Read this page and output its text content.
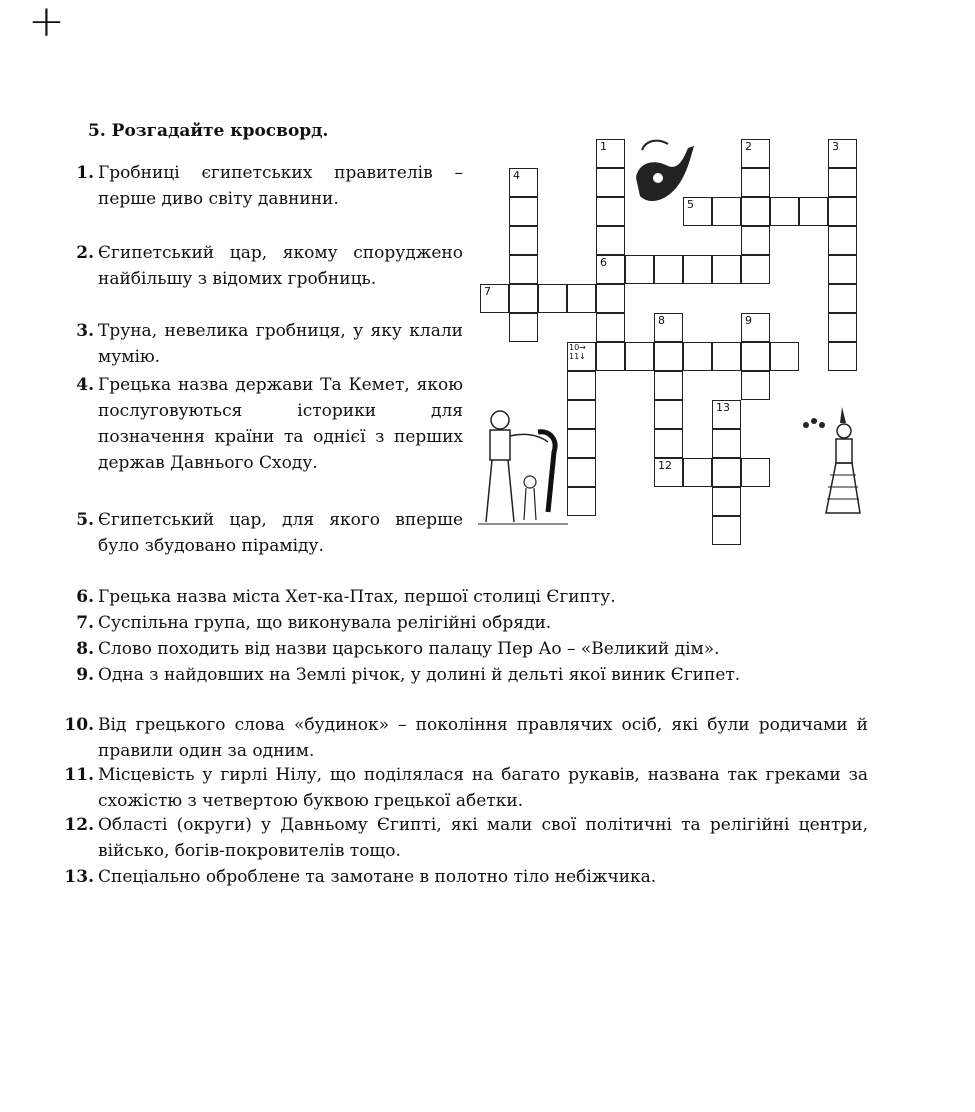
+
5. Розгадайте кросворд.
1. Гробниці єгипетських правителів – перше диво світу давнини.
2. Єгипетський цар, якому споруджено найбільшу з відомих гробниць.
3. Труна, невелика гробниця, у яку клали мумію.
4. Грецька назва держави Та Кемет, якою послуговуються історики для позначення країни та однієї з перших держав Давнього Сходу.
5. Єгипетський цар, для якого вперше було збудовано піраміду.
6. Грецька назва міста Хет-ка-Птах, першої столиці Єгипту.
7. Суспільна група, що виконувала релігійні обряди.
8. Слово походить від назви царського палацу Пер Ао – «Великий дім».
9. Одна з найдовших на Землі річок, у долині й дельті якої виник Єгипет.
10. Від грецького слова «будинок» – покоління правлячих осіб, які були родичами й правили один за одним.
11. Місцевість у гирлі Нілу, що поділялася на багато рукавів, названа так греками за схожістю з четвертою буквою грецької абетки.
12. Області (округи) у Давньому Єгипті, які мали свої політичні та релігійні центри, військо, богів-покровителів тощо.
13. Спеціально оброблене та замотане в полотно тіло небіжчика.
1
6
2	3
4
5
7
8
12
9
10→ 11↓
13
